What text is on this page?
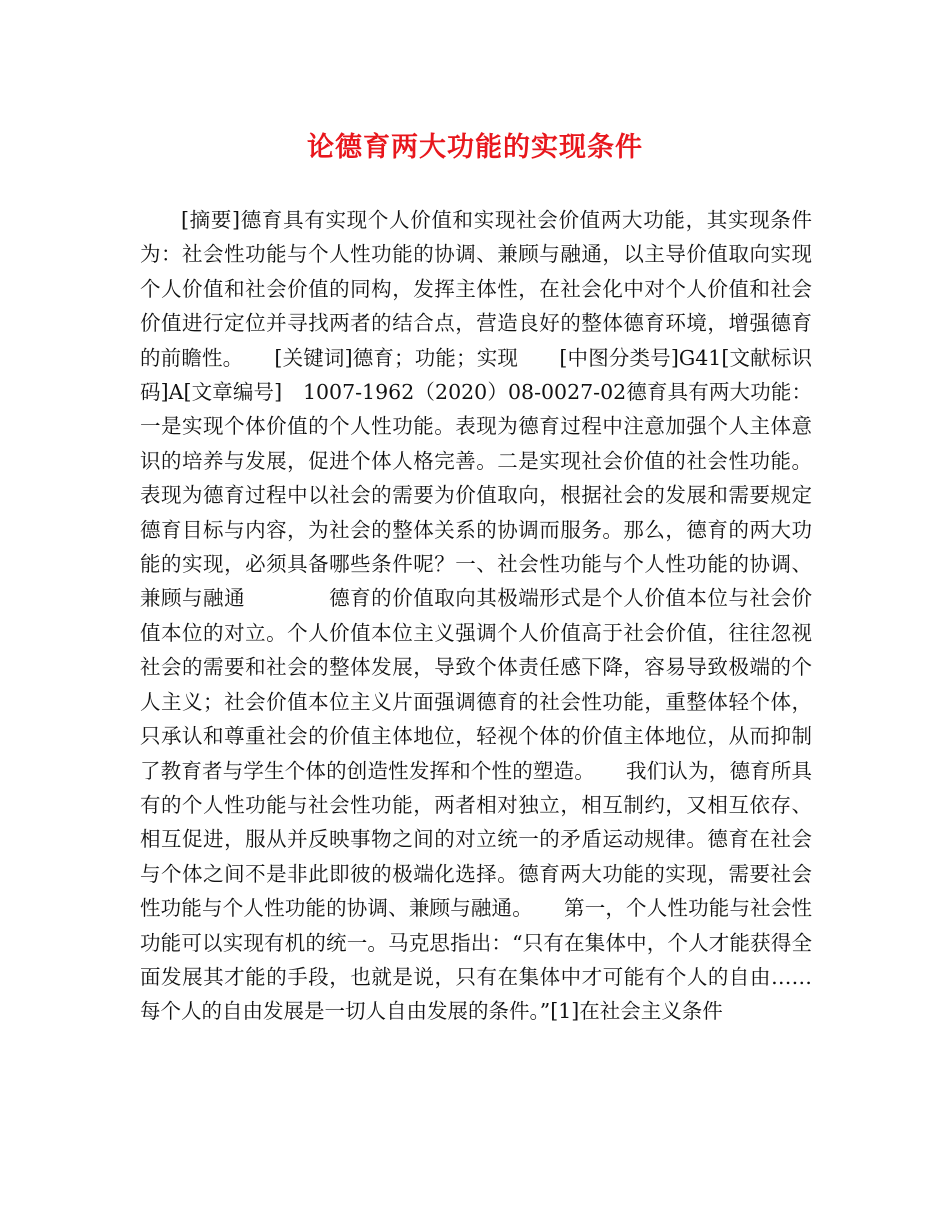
论德育两大功能的实现条件

[摘要]德育具有实现个人价值和实现社会价值两大功能，其实现条件为：社会性功能与个人性功能的协调、兼顾与融通，以主导价值取向实现个人价值和社会价值的同构，发挥主体性，在社会化中对个人价值和社会价值进行定位并寻找两者的结合点，营造良好的整体德育环境，增强德育的前瞻性。　　[关键词]德育；功能；实现　　[中图分类号]G41[文献标识码]A[文章编号]　1007-1962（2020）08-0027-02德育具有两大功能：一是实现个体价值的个人性功能。表现为德育过程中注意加强个人主体意识的培养与发展，促进个体人格完善。二是实现社会价值的社会性功能。表现为德育过程中以社会的需要为价值取向，根据社会的发展和需要规定德育目标与内容，为社会的整体关系的协调而服务。那么，德育的两大功能的实现，必须具备哪些条件呢？一、社会性功能与个人性功能的协调、兼顾与融通　　　　德育的价值取向其极端形式是个人价值本位与社会价值本位的对立。个人价值本位主义强调个人价值高于社会价值，往往忽视社会的需要和社会的整体发展，导致个体责任感下降，容易导致极端的个人主义；社会价值本位主义片面强调德育的社会性功能，重整体轻个体，只承认和尊重社会的价值主体地位，轻视个体的价值主体地位，从而抑制了教育者与学生个体的创造性发挥和个性的塑造。　　我们认为，德育所具有的个人性功能与社会性功能，两者相对独立，相互制约，又相互依存、相互促进，服从并反映事物之间的对立统一的矛盾运动规律。德育在社会与个体之间不是非此即彼的极端化选择。德育两大功能的实现，需要社会性功能与个人性功能的协调、兼顾与融通。　　第一，个人性功能与社会性功能可以实现有机的统一。马克思指出：“只有在集体中，个人才能获得全面发展其才能的手段，也就是说，只有在集体中才可能有个人的自由……每个人的自由发展是一切人自由发展的条件。”[1]在社会主义条件
